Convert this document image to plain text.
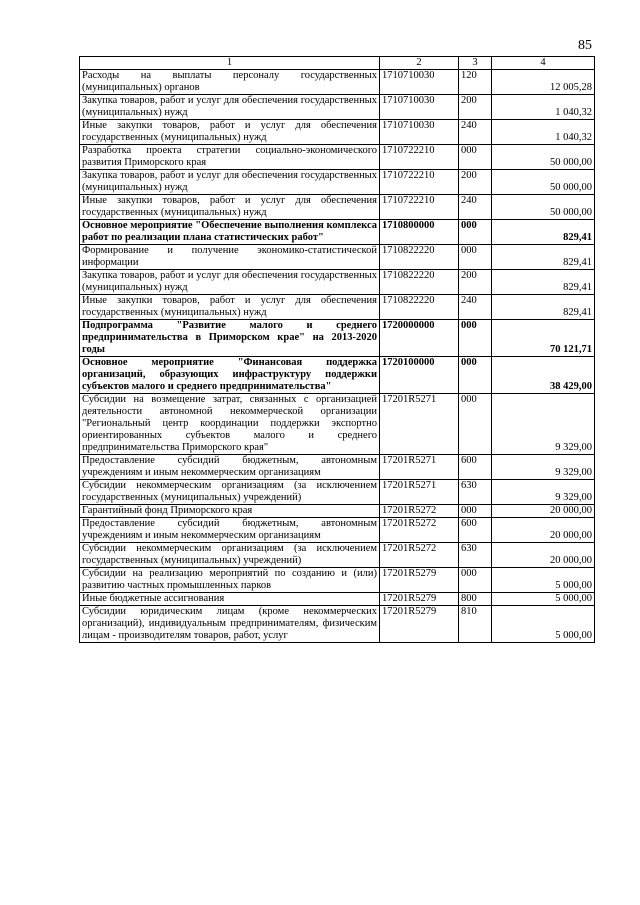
85
1	2	3	4
Расходы на выплаты персоналу государственных (муниципальных) органов	1710710030	120	12 005,28
Закупка товаров, работ и услуг для обеспечения государственных (муниципальных) нужд	1710710030	200	1 040,32
Иные закупки товаров, работ и услуг для обеспечения государственных (муниципальных) нужд	1710710030	240	1 040,32
Разработка проекта стратегии социально-экономического развития Приморского края	1710722210	000	50 000,00
Закупка товаров, работ и услуг для обеспечения государственных (муниципальных) нужд	1710722210	200	50 000,00
Иные закупки товаров, работ и услуг для обеспечения государственных (муниципальных) нужд	1710722210	240	50 000,00
Основное мероприятие "Обеспечение выполнения комплекса работ по реализации плана статистических работ"	1710800000	000	829,41
Формирование и получение экономико-статистической информации	1710822220	000	829,41
Закупка товаров, работ и услуг для обеспечения государственных (муниципальных) нужд	1710822220	200	829,41
Иные закупки товаров, работ и услуг для обеспечения государственных (муниципальных) нужд	1710822220	240	829,41
Подпрограмма "Развитие малого и среднего предпринимательства в Приморском крае" на 2013-2020 годы	1720000000	000	70 121,71
Основное мероприятие "Финансовая поддержка организаций, образующих инфраструктуру поддержки субъектов малого и среднего предпринимательства"	1720100000	000	38 429,00
Субсидии на возмещение затрат, связанных с организацией деятельности автономной некоммерческой организации "Региональный центр координации поддержки экспортно ориентированных субъектов малого и среднего предпринимательства Приморского края"	17201R5271	000	9 329,00
Предоставление субсидий бюджетным, автономным учреждениям и иным некоммерческим организациям	17201R5271	600	9 329,00
Субсидии некоммерческим организациям (за исключением государственных (муниципальных) учреждений)	17201R5271	630	9 329,00
Гарантийный фонд Приморского края	17201R5272	000	20 000,00
Предоставление субсидий бюджетным, автономным учреждениям и иным некоммерческим организациям	17201R5272	600	20 000,00
Субсидии некоммерческим организациям (за исключением государственных (муниципальных) учреждений)	17201R5272	630	20 000,00
Субсидии на реализацию мероприятий по созданию и (или) развитию частных промышленных парков	17201R5279	000	5 000,00
Иные бюджетные ассигнования	17201R5279	800	5 000,00
Субсидии юридическим лицам (кроме некоммерческих организаций), индивидуальным предпринимателям, физическим лицам - производителям товаров, работ, услуг	17201R5279	810	5 000,00
